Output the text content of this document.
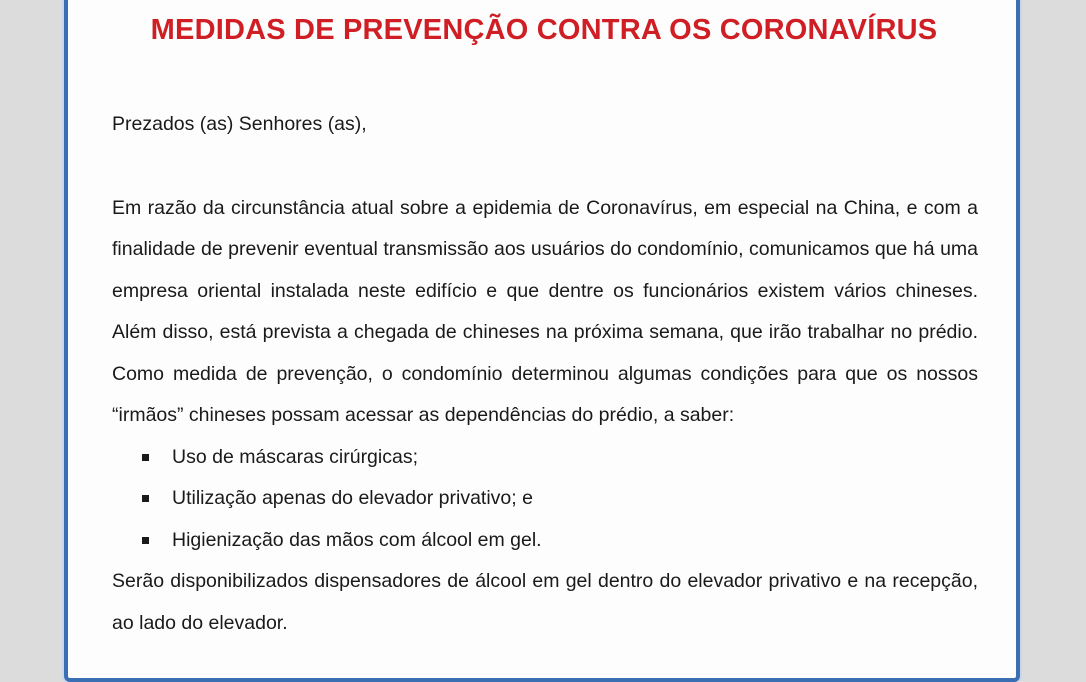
MEDIDAS DE PREVENÇÃO CONTRA OS CORONAVÍRUS

Prezados (as) Senhores (as),

Em razão da circunstância atual sobre a epidemia de Coronavírus, em especial na China, e com a finalidade de prevenir eventual transmissão aos usuários do condomínio, comunicamos que há uma empresa oriental instalada neste edifício e que dentre os funcionários existem vários chineses. Além disso, está prevista a chegada de chineses na próxima semana, que irão trabalhar no prédio. Como medida de prevenção, o condomínio determinou algumas condições para que os nossos “irmãos” chineses possam acessar as dependências do prédio, a saber:

Uso de máscaras cirúrgicas;
Utilização apenas do elevador privativo; e
Higienização das mãos com álcool em gel.

Serão disponibilizados dispensadores de álcool em gel dentro do elevador privativo e na recepção, ao lado do elevador.
